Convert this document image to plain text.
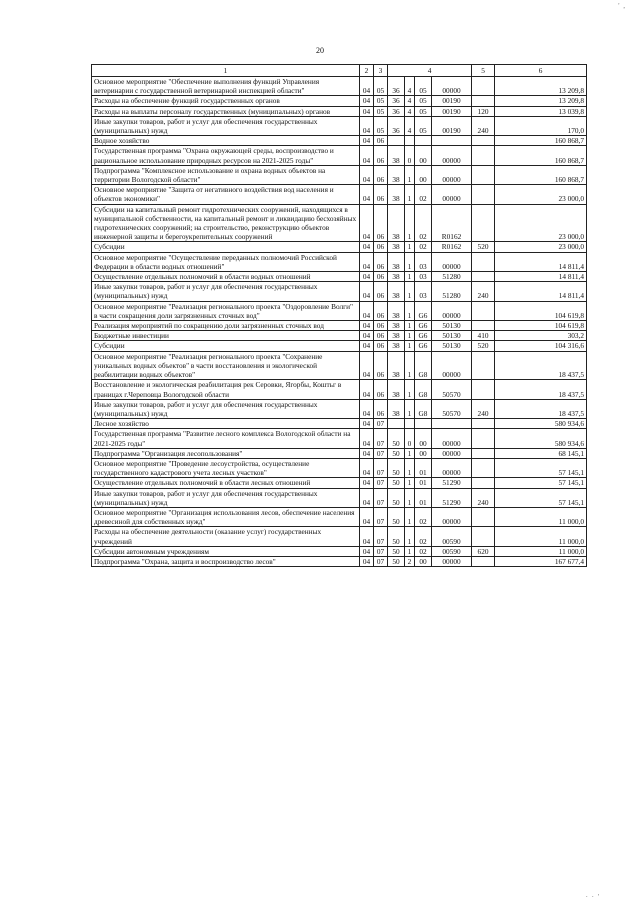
' ,
20
1	2	3	4				5	6
Основное мероприятие "Обеспечение выполнения функций Управления ветеринарии с государственной ветеринарной инспекцией области"	04	05	36	4	05	00000		13 209,8
Расходы на обеспечение функций государственных органов	04	05	36	4	05	00190		13 209,8
Расходы на выплаты персоналу государственных (муниципальных) органов	04	05	36	4	05	00190	120	13 039,8
Иные закупки товаров, работ и услуг для обеспечения государственных (муниципальных) нужд	04	05	36	4	05	00190	240	170,0
Водное хозяйство	04	06						160 868,7
Государственная программа "Охрана окружающей среды, воспроизводство и рациональное использование природных ресурсов на 2021-2025 годы"	04	06	38	0	00	00000		160 868,7
Подпрограмма "Комплексное использование и охрана водных объектов на территории Вологодской области"	04	06	38	1	00	00000		160 868,7
Основное мероприятие "Защита от негативного воздействия вод населения и объектов экономики"	04	06	38	1	02	00000		23 000,0
Субсидии на капитальный ремонт гидротехнических сооружений, находящихся в муниципальной собственности, на капитальный ремонт и ликвидацию бесхозяйных гидротехнических сооружений; на строительство, реконструкцию объектов инженерной защиты и берегоукрепительных сооружений	04	06	38	1	02	R0162		23 000,0
Субсидии	04	06	38	1	02	R0162	520	23 000,0
Основное мероприятие "Осуществление переданных полномочий Российской Федерации в области водных отношений"	04	06	38	1	03	00000		14 811,4
Осуществление отдельных полномочий в области водных отношений	04	06	38	1	03	51280		14 811,4
Иные закупки товаров, работ и услуг для обеспечения государственных (муниципальных) нужд	04	06	38	1	03	51280	240	14 811,4
Основное мероприятие "Реализация регионального проекта "Оздоровление Волги" в части сокращения доли загрязненных сточных вод"	04	06	38	1	G6	00000		104 619,8
Реализация мероприятий по сокращению доли загрязненных сточных вод	04	06	38	1	G6	50130		104 619,8
Бюджетные инвестиции	04	06	38	1	G6	50130	410	303,2
Субсидии	04	06	38	1	G6	50130	520	104 316,6
Основное мероприятие "Реализация регионального проекта "Сохранение уникальных водных объектов" в части восстановления и экологической реабилитации водных объектов"	04	06	38	1	G8	00000		18 437,5
Восстановление и экологическая реабилитация рек Серовки, Ягорбы, Коштьг в границах г.Череповца Вологодской области	04	06	38	1	G8	50570		18 437,5
Иные закупки товаров, работ и услуг для обеспечения государственных (муниципальных) нужд	04	06	38	1	G8	50570	240	18 437,5
Лесное хозяйство	04	07						580 934,6
Государственная программа "Развитие лесного комплекса Вологодской области на 2021-2025 годы"	04	07	50	0	00	00000		580 934,6
Подпрограмма "Организация лесопользования"	04	07	50	1	00	00000		68 145,1
Основное мероприятие "Проведение лесоустройства, осуществление государственного кадастрового учета лесных участков"	04	07	50	1	01	00000		57 145,1
Осуществление отдельных полномочий в области лесных отношений	04	07	50	1	01	51290		57 145,1
Иные закупки товаров, работ и услуг для обеспечения государственных (муниципальных) нужд	04	07	50	1	01	51290	240	57 145,1
Основное мероприятие "Организация использования лесов, обеспечение населения древесиной для собственных нужд"	04	07	50	1	02	00000		11 000,0
Расходы на обеспечение деятельности (оказание услуг) государственных учреждений	04	07	50	1	02	00590		11 000,0
Субсидии автономным учреждениям	04	07	50	1	02	00590	620	11 000,0
Подпрограмма "Охрана, защита и воспроизводство лесов"	04	07	50	2	00	00000		167 677,4
· · '
